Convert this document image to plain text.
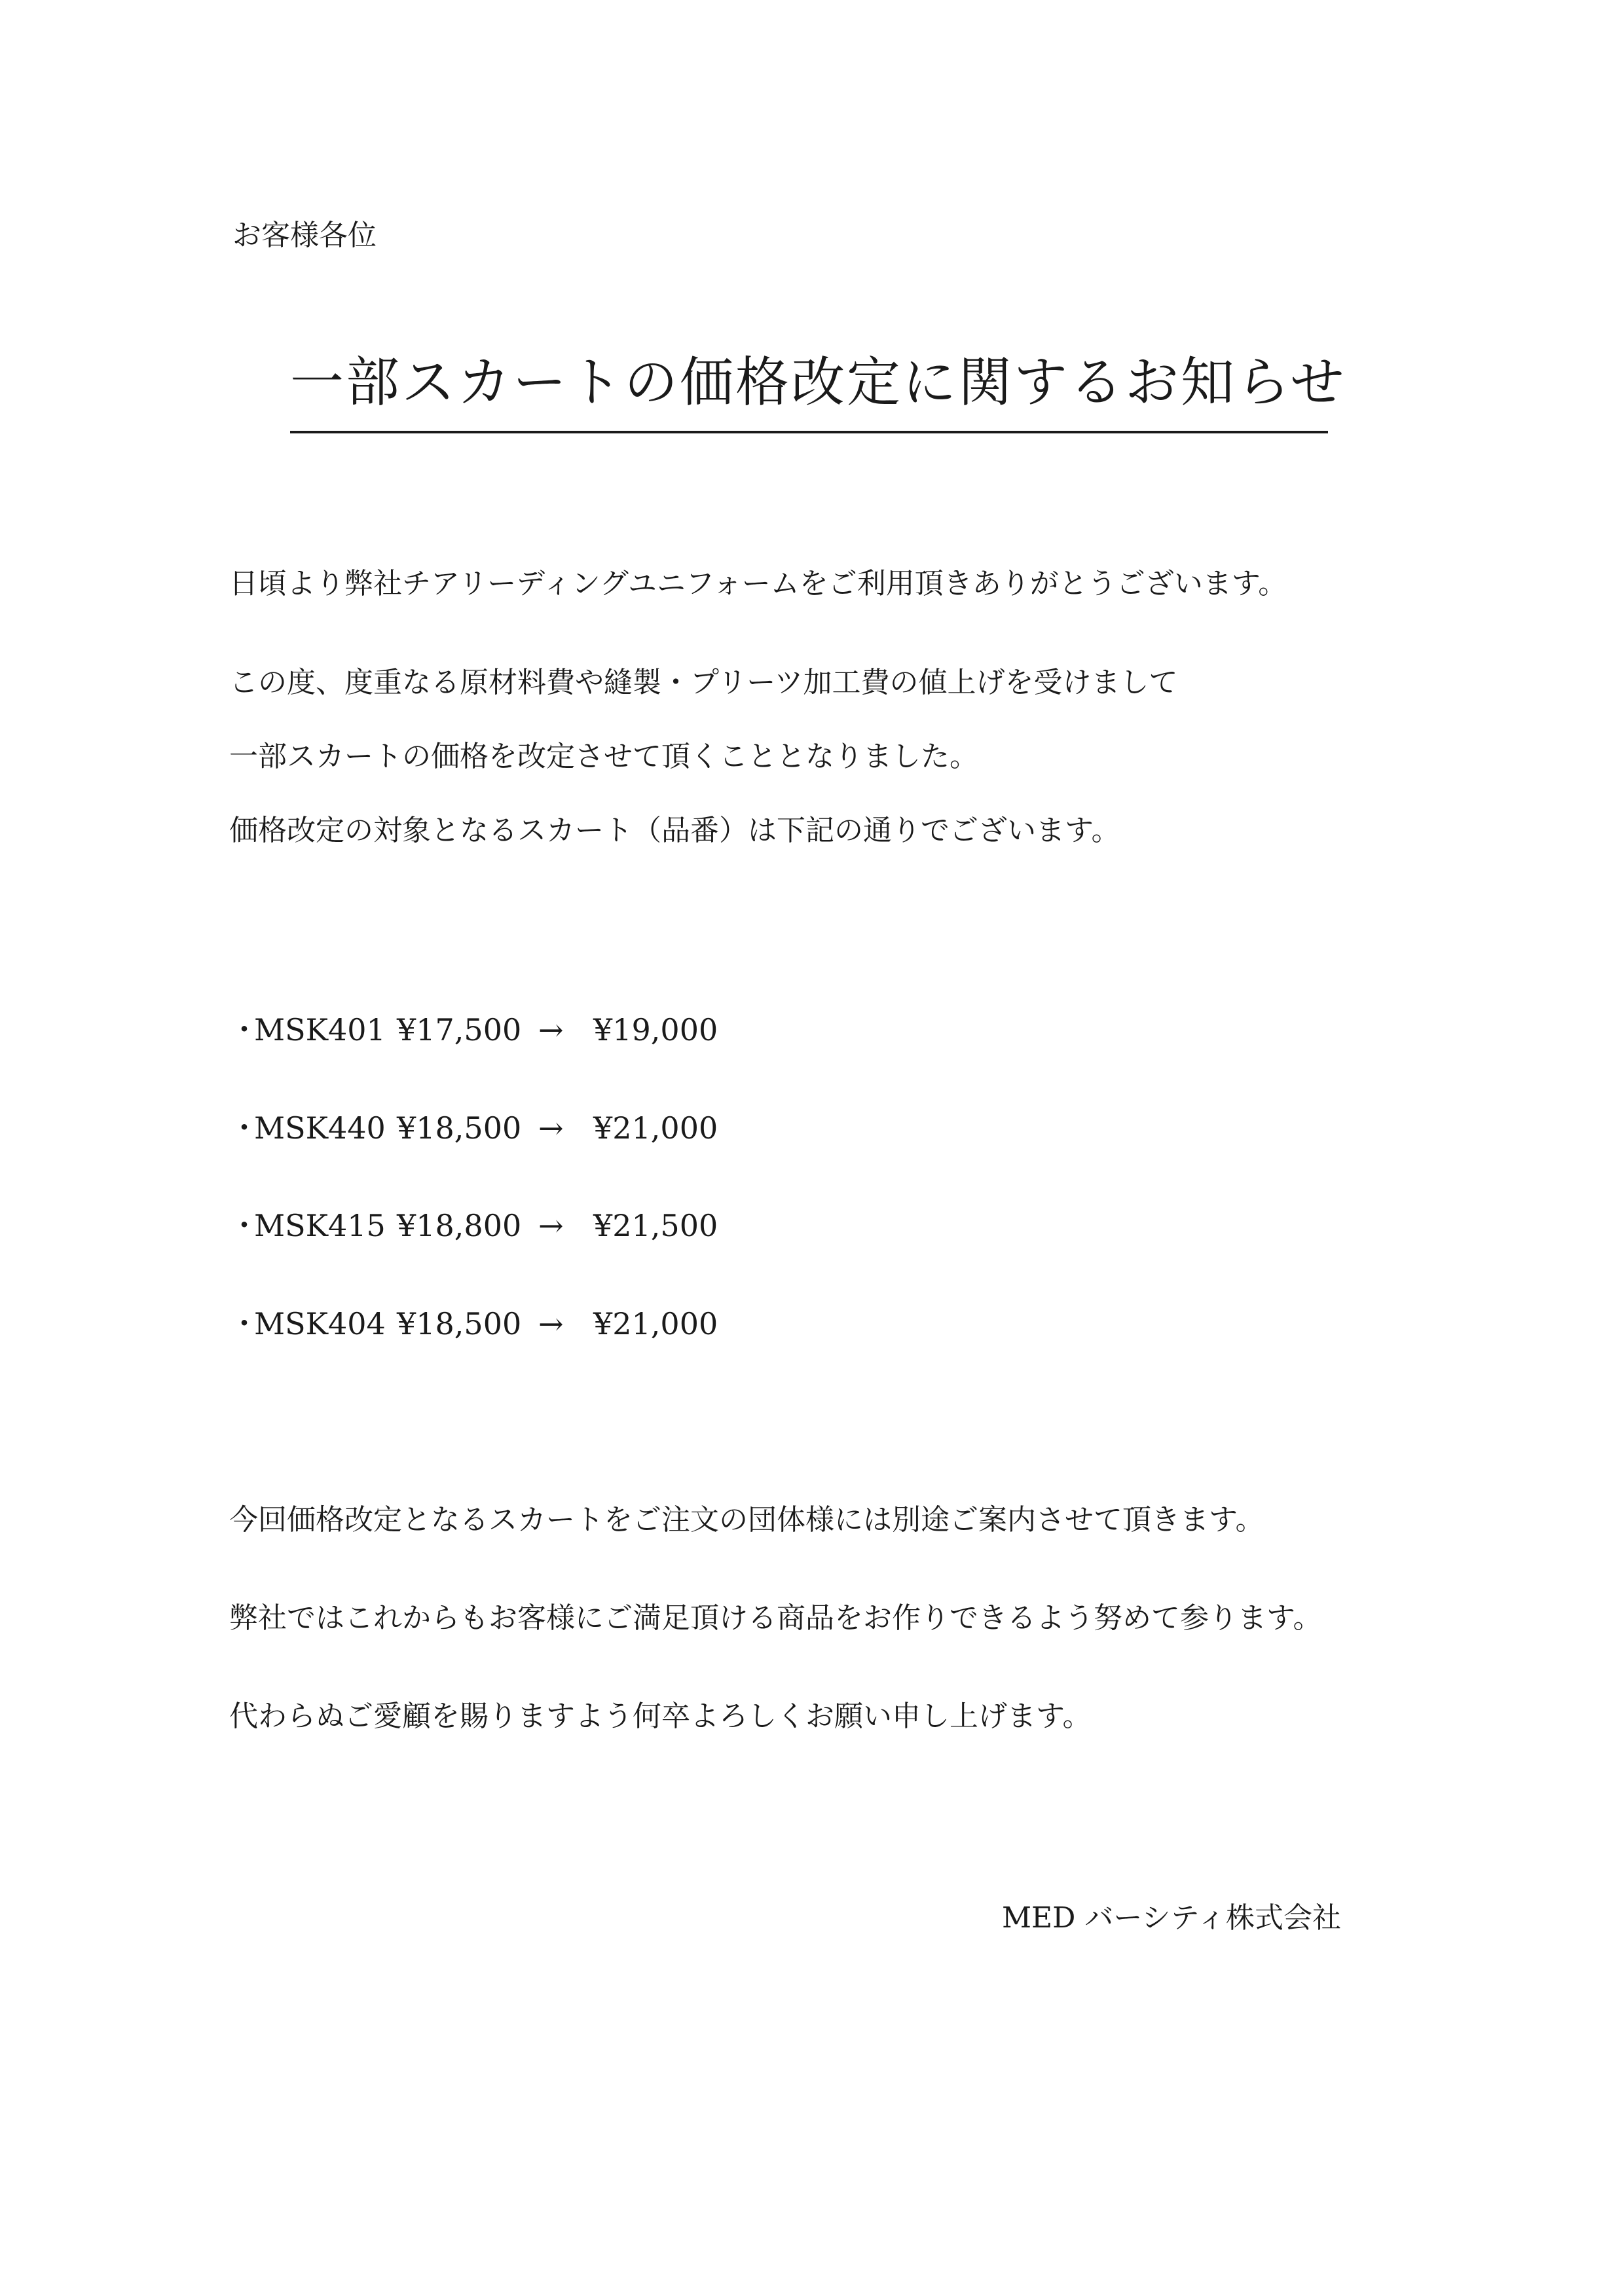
お客様各位
一部スカートの価格改定に関するお知らせ
日頃より弊社チアリーディングユニフォームをご利用頂きありがとうございます。
この度、度重なる原材料費や縫製・プリーツ加工費の値上げを受けまして
一部スカートの価格を改定させて頂くこととなりました。
価格改定の対象となるスカート（品番）は下記の通りでございます。
・
MSK401 ¥17,500 → ¥19,000
・
MSK440 ¥18,500 → ¥21,000
・
MSK415 ¥18,800 → ¥21,500
・
MSK404 ¥18,500 → ¥21,000
今回価格改定となるスカートをご注文の団体様には別途ご案内させて頂きます。
弊社ではこれからもお客様にご満足頂ける商品をお作りできるよう努めて参ります。
代わらぬご愛顧を賜りますよう何卒よろしくお願い申し上げます。
MED バーシティ株式会社
